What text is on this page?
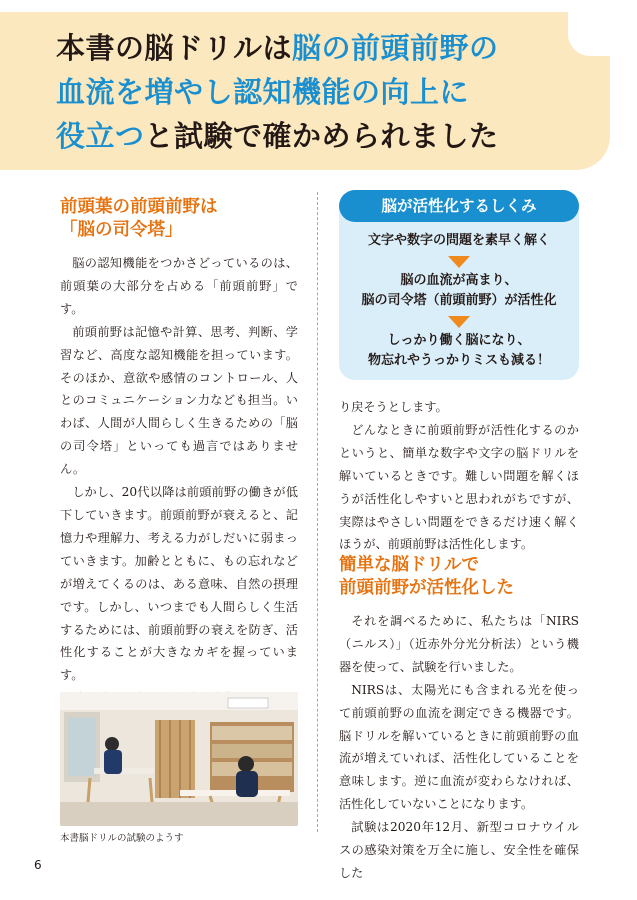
本書の脳ドリルは脳の前頭前野の
血流を増やし認知機能の向上に
役立つと試験で確かめられました
前頭葉の前頭前野は
「脳の司令塔」

脳の認知機能をつかさどっているのは、前頭葉の大部分を占める「前頭前野」です。

前頭前野は記憶や計算、思考、判断、学習など、高度な認知機能を担っています。そのほか、意欲や感情のコントロール、人とのコミュニケーション力なども担当。いわば、人間が人間らしく生きるための「脳の司令塔」といっても過言ではありません。

しかし、20代以降は前頭前野の働きが低下していきます。前頭前野が衰えると、記憶力や理解力、考える力がしだいに弱まっていきます。加齢とともに、もの忘れなどが増えてくるのは、ある意味、自然の摂理です。しかし、いつまでも人間らしく生活するためには、前頭前野の衰えを防ぎ、活性化することが大きなカギを握っています。

本書脳ドリルの試験のようす
脳が活性化するしくみ
文字や数字の問題を素早く解く
脳の血流が高まり、
脳の司令塔（前頭前野）が活性化
しっかり働く脳になり、
物忘れやうっかりミスも減る！

り戻そうとします。

どんなときに前頭前野が活性化するのかというと、簡単な数字や文字の脳ドリルを解いているときです。難しい問題を解くほうが活性化しやすいと思われがちですが、実際はやさしい問題をできるだけ速く解くほうが、前頭前野は活性化します。

簡単な脳ドリルで
前頭前野が活性化した

それを調べるために、私たちは「NIRS（ニルス）」（近赤外分光分析法）という機器を使って、試験を行いました。

NIRSは、太陽光にも含まれる光を使って前頭前野の血流を測定できる機器です。脳ドリルを解いているときに前頭前野の血流が増えていれば、活性化していることを意味します。逆に血流が変わらなければ、活性化していないことになります。

試験は2020年12月、新型コロナウイルスの感染対策を万全に施し、安全性を確保した

6
